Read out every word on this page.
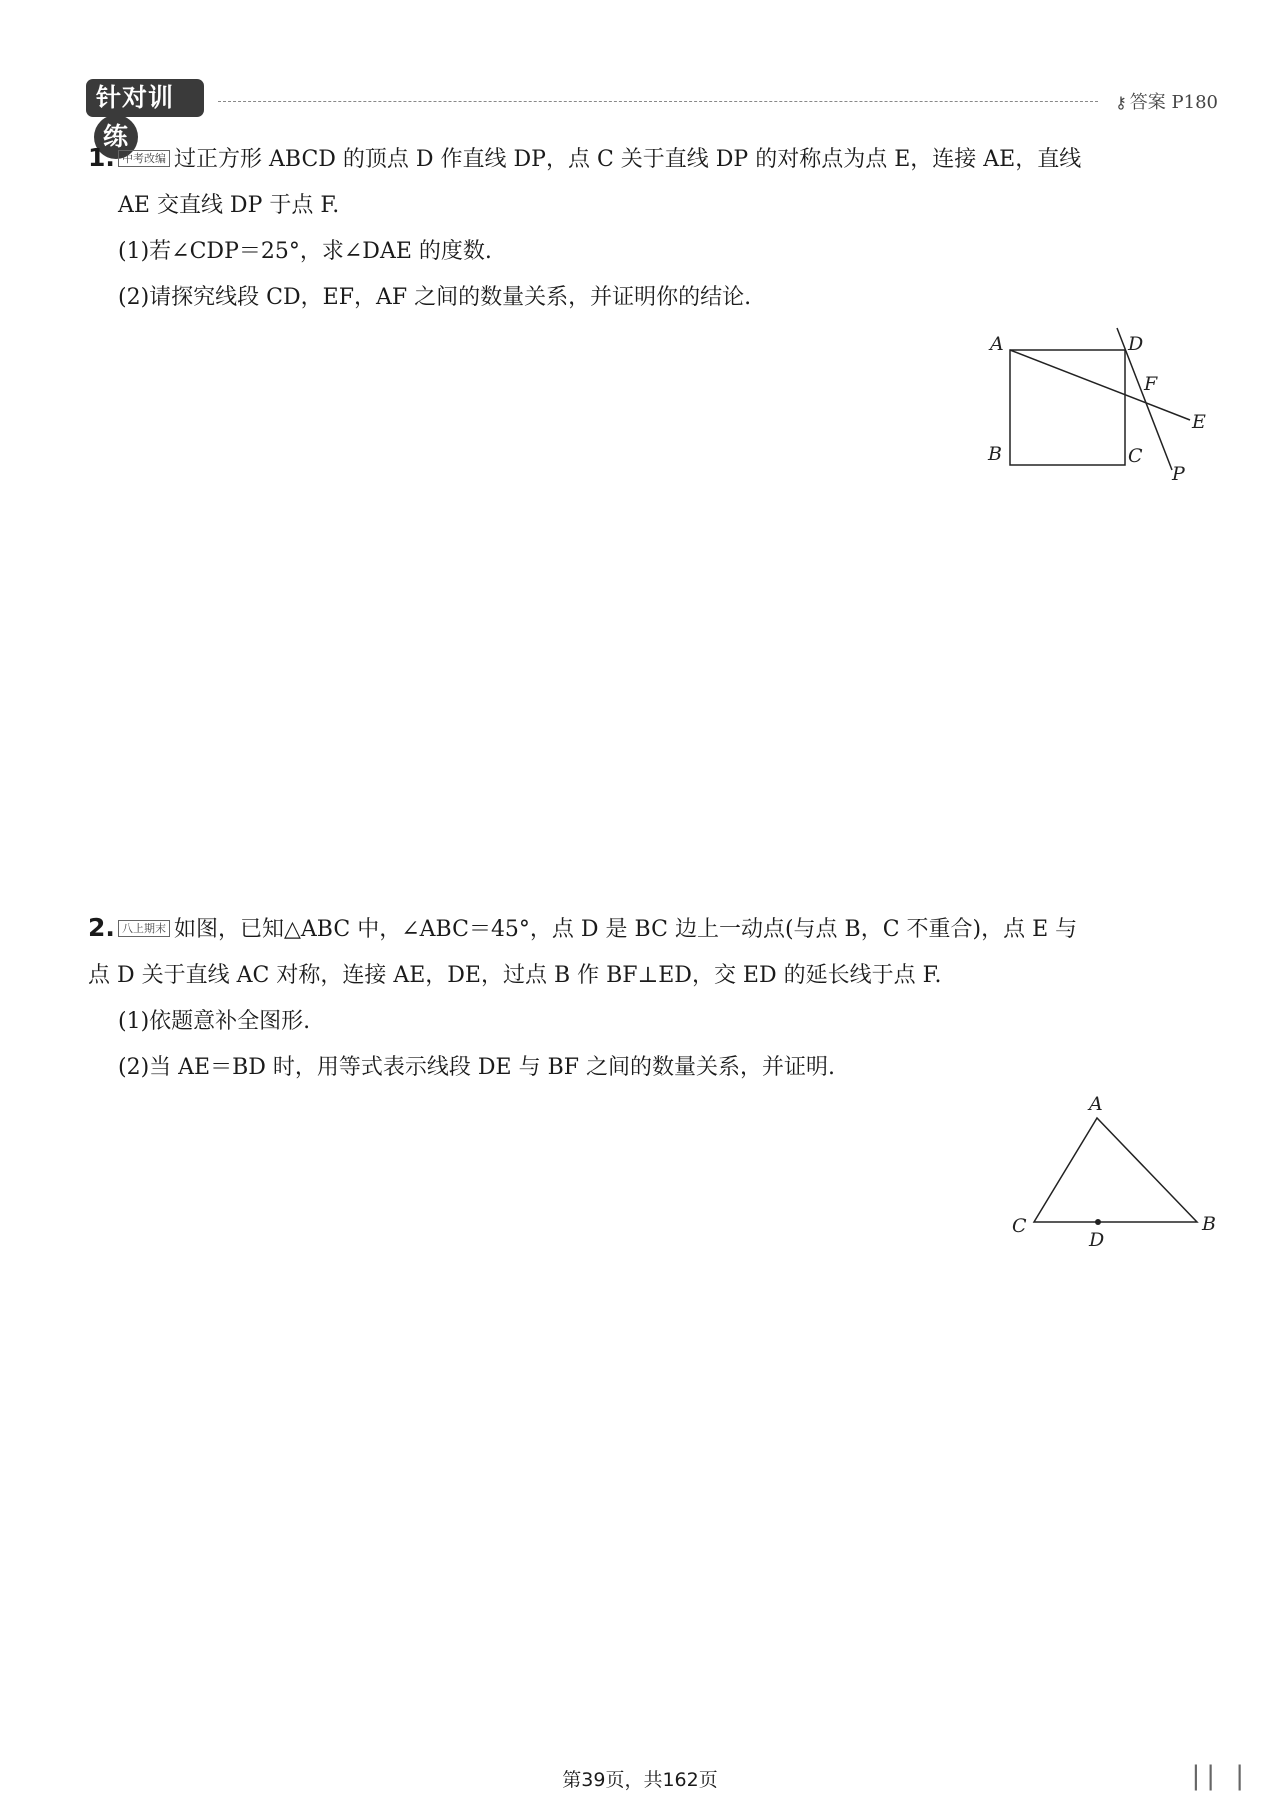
针对训练
⚷ 答案 P180

1. 中考改编 过正方形 ABCD 的顶点 D 作直线 DP，点 C 关于直线 DP 的对称点为点 E，连接 AE，直线

AE 交直线 DP 于点 F.

(1)若∠CDP＝25°，求∠DAE 的度数.

(2)请探究线段 CD，EF，AF 之间的数量关系，并证明你的结论.

A	D
F
E
B	C
P

2. 八上期末 如图，已知△ABC 中，∠ABC＝45°，点 D 是 BC 边上一动点(与点 B，C 不重合)，点 E 与

点 D 关于直线 AC 对称，连接 AE，DE，过点 B 作 BF⊥ED，交 ED 的延长线于点 F.

(1)依题意补全图形.

(2)当 AE＝BD 时，用等式表示线段 DE 与 BF 之间的数量关系，并证明.

A
C	B
D
第39页，共162页	|| |
